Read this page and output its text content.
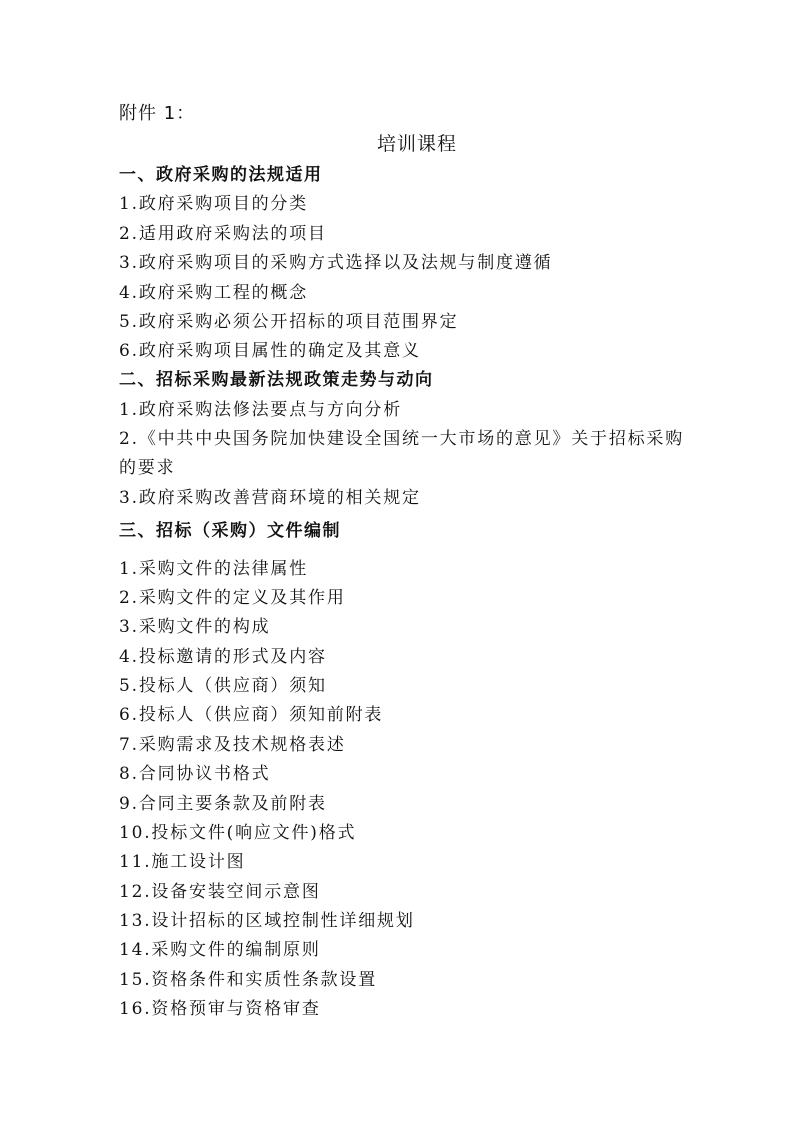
附件 1：
培训课程
一、政府采购的法规适用
1.政府采购项目的分类
2.适用政府采购法的项目
3.政府采购项目的采购方式选择以及法规与制度遵循
4.政府采购工程的概念
5.政府采购必须公开招标的项目范围界定
6.政府采购项目属性的确定及其意义
二、招标采购最新法规政策走势与动向
1.政府采购法修法要点与方向分析
2.《中共中央国务院加快建设全国统一大市场的意见》关于招标采购
的要求
3.政府采购改善营商环境的相关规定
三、招标（采购）文件编制
1.采购文件的法律属性
2.采购文件的定义及其作用
3.采购文件的构成
4.投标邀请的形式及内容
5.投标人（供应商）须知
6.投标人（供应商）须知前附表
7.采购需求及技术规格表述
8.合同协议书格式
9.合同主要条款及前附表
10.投标文件(响应文件)格式
11.施工设计图
12.设备安装空间示意图
13.设计招标的区域控制性详细规划
14.采购文件的编制原则
15.资格条件和实质性条款设置
16.资格预审与资格审查
